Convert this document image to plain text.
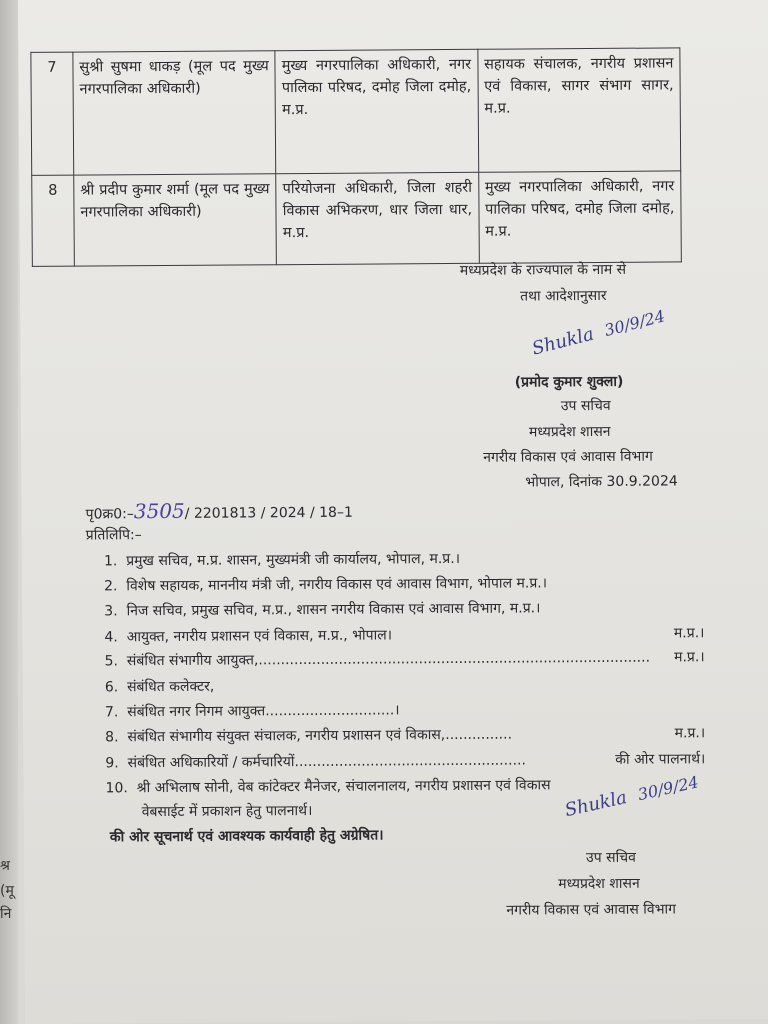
श्र
(मू
नि
7	सुश्री सुषमा धाकड़ (मूल पद मुख्य नगरपालिका अधिकारी)	मुख्य नगरपालिका अधिकारी, नगर पालिका परिषद, दमोह जिला दमोह, म.प्र.	सहायक संचालक, नगरीय प्रशासन एवं विकास, सागर संभाग सागर, म.प्र.
8	श्री प्रदीप कुमार शर्मा (मूल पद मुख्य नगरपालिका अधिकारी)	परियोजना अधिकारी, जिला शहरी विकास अभिकरण, धार जिला धार, म.प्र.	मुख्य नगरपालिका अधिकारी, नगर पालिका परिषद, दमोह जिला दमोह, म.प्र.
मध्यप्रदेश के राज्यपाल के नाम से
तथा आदेशानुसार
Shukla 30/9/24
(प्रमोद कुमार शुक्ला)
उप सचिव
मध्यप्रदेश शासन
नगरीय विकास एवं आवास विभाग
भोपाल, दिनांक 30.9.2024
पृ0क्र0:–3505/ 2201813 / 2024 / 18–1
प्रतिलिपि:–
1. प्रमुख सचिव, म.प्र. शासन, मुख्यमंत्री जी कार्यालय, भोपाल, म.प्र.।
2. विशेष सहायक, माननीय मंत्री जी, नगरीय विकास एवं आवास विभाग, भोपाल म.प्र.।
3. निज सचिव, प्रमुख सचिव, म.प्र., शासन नगरीय विकास एवं आवास विभाग, म.प्र.।
4. आयुक्त, नगरीय प्रशासन एवं विकास, म.प्र., भोपाल।	म.प्र.।
5. संबंधित संभागीय आयुक्त,........................................................................................ म.प्र.।
6. संबंधित कलेक्टर,
7. संबंधित नगर निगम आयुक्त.............................।
8. संबंधित संभागीय संयुक्त संचालक, नगरीय प्रशासन एवं विकास,...............	म.प्र.।
9. संबंधित अधिकारियों / कर्मचारियों....................................................	की ओर पालनार्थ।
10. श्री अभिलाष सोनी, वेब कांटेक्टर मैनेजर, संचालनालय, नगरीय प्रशासन एवं विकास
वेबसाईट में प्रकाशन हेतु पालनार्थ।
की ओर सूचनार्थ एवं आवश्यक कार्यवाही हेतु अग्रेषित।
Shukla 30/9/24
उप सचिव
मध्यप्रदेश शासन
नगरीय विकास एवं आवास विभाग
